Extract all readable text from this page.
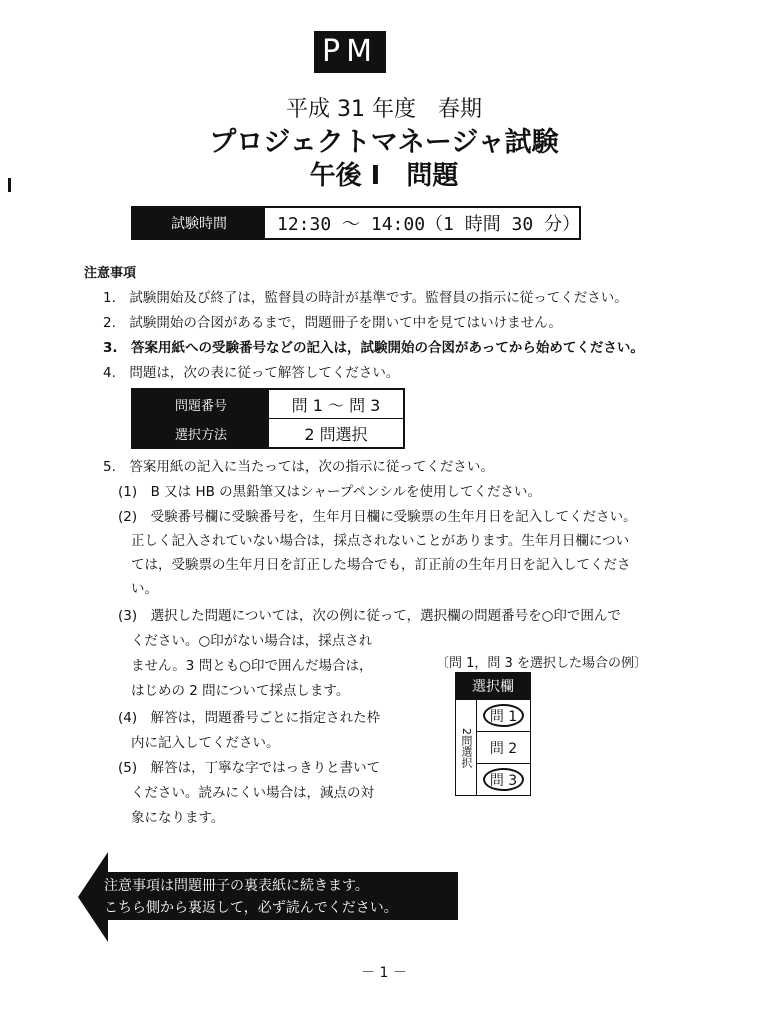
PM
平成 31 年度　春期
プロジェクトマネージャ試験
午後 I　問題
試験時間	12:30 ～ 14:00（1 時間 30 分）
注意事項
1.　試験開始及び終了は，監督員の時計が基準です。監督員の指示に従ってください。
2.　試験開始の合図があるまで，問題冊子を開いて中を見てはいけません。
3.　答案用紙への受験番号などの記入は，試験開始の合図があってから始めてください。
4.　問題は，次の表に従って解答してください。
問題番号	問 1 ～ 問 3
選択方法	2 問選択
5.　答案用紙の記入に当たっては，次の指示に従ってください。
(1)　B 又は HB の黒鉛筆又はシャープペンシルを使用してください。
(2)　受験番号欄に受験番号を，生年月日欄に受験票の生年月日を記入してください。
正しく記入されていない場合は，採点されないことがあります。生年月日欄につい
ては，受験票の生年月日を訂正した場合でも，訂正前の生年月日を記入してくださ
い。
(3)　選択した問題については，次の例に従って，選択欄の問題番号を○印で囲んで
ください。○印がない場合は，採点され
ません。3 問とも○印で囲んだ場合は，
はじめの 2 問について採点します。
(4)　解答は，問題番号ごとに指定された枠
内に記入してください。
(5)　解答は，丁寧な字ではっきりと書いて
ください。読みにくい場合は，減点の対
象になります。
〔問 1，問 3 を選択した場合の例〕
選択欄
2問選択
問 1
問 2
問 3
注意事項は問題冊子の裏表紙に続きます。
こちら側から裏返して，必ず読んでください。
－ 1 －
